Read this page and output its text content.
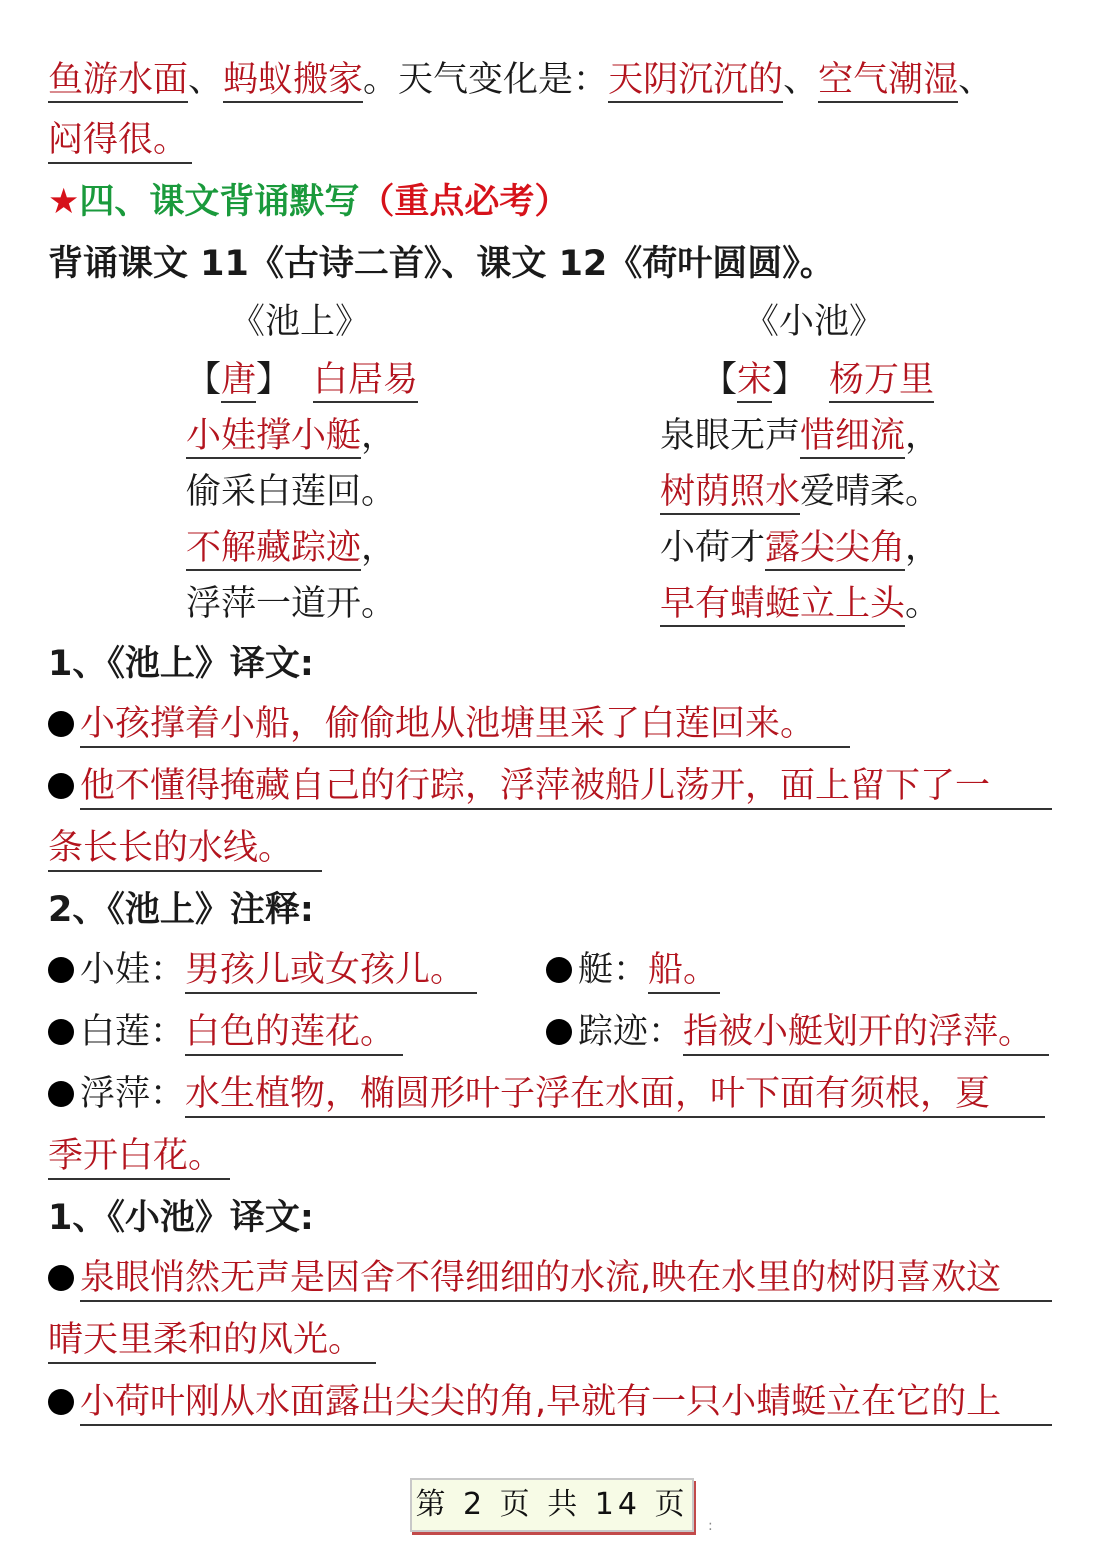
鱼游水面、蚂蚁搬家。天气变化是：天阴沉沉的、空气潮湿、
闷得很。
★四、课文背诵默写（重点必考）
背诵课文 11《古诗二首》、课文 12《荷叶圆圆》。
《池上》
【唐】 白居易
小娃撑小艇，
偷采白莲回。
不解藏踪迹，
浮萍一道开。
《小池》
【宋】 杨万里
泉眼无声惜细流，
树荫照水爱晴柔。
小荷才露尖尖角，
早有蜻蜓立上头。
1、《池上》译文:
小孩撑着小船，偷偷地从池塘里采了白莲回来。
他不懂得掩藏自己的行踪，浮萍被船儿荡开，面上留下了一
条长长的水线。
2、《池上》注释:
小娃：男孩儿或女孩儿。	艇：船。
白莲：白色的莲花。	踪迹：指被小艇划开的浮萍。
浮萍：水生植物，椭圆形叶子浮在水面，叶下面有须根，夏
季开白花。
1、《小池》译文:
泉眼悄然无声是因舍不得细细的水流,映在水里的树阴喜欢这
晴天里柔和的风光。
小荷叶刚从水面露出尖尖的角,早就有一只小蜻蜓立在它的上
第 2 页 共 14 页
:
